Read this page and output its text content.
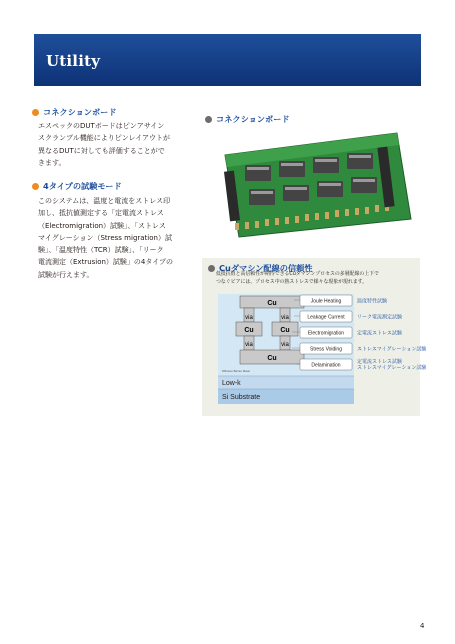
Utility
コネクションボード
エスペックのDUTボードはピンアサイン
スクランブル機能によりピンレイアウトが
異なるDUTに対しても評価することがで
きます。
4タイプの試験モード
このシステムは、温度と電流をストレス印
加し、抵抗値測定する「定電流ストレス
（Electromigration）試験」、「ストレス
マイグレーション（Stress migration）試
験」、「温度特性（TCR）試験」、「リーク
電流測定（Extrusion）試験」の4タイプの
試験が行えます。
コネクションボード
Cuダマシン配線の信頼性
低抵抗值と高信頼性が期待できるCuダマシンプロセスの多層配線の上下で
つなぐビアには、プロセス中の熱ストレスで様々な現象が現れます。
Cu
via	via
Cu	Cu
via	via
Cu
Diffusion Barrier Metal
Low-k
Si Substrate
Joule Heating
Leakage Current
Electromigration
Stress Voiding
Delamination
温度特性試験
リーク電流測定試験
定電流ストレス試験
ストレスマイグレーション試験
定電流ストレス試験
ストレスマイグレーション試験
4
